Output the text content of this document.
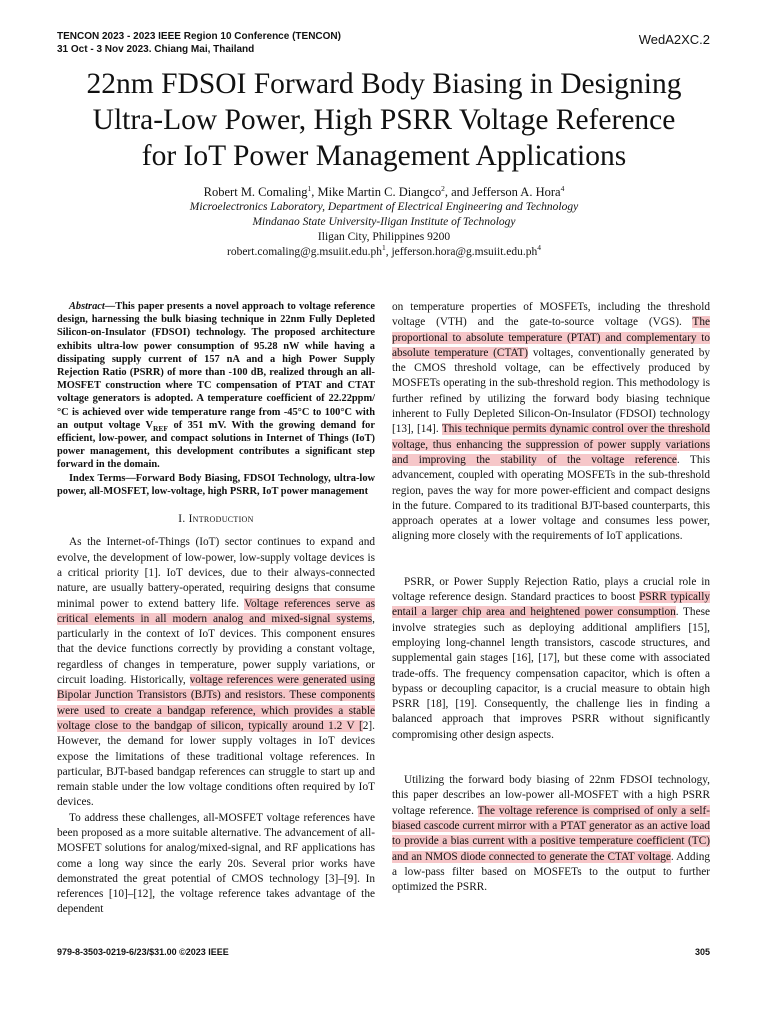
TENCON 2023 - 2023 IEEE Region 10 Conference (TENCON)
31 Oct - 3 Nov 2023. Chiang Mai, Thailand
WedA2XC.2
22nm FDSOI Forward Body Biasing in Designing
Ultra-Low Power, High PSRR Voltage Reference
for IoT Power Management Applications
Robert M. Comaling$^1$, Mike Martin C. Diangco$^2$, and Jefferson A. Hora$^4$
Microelectronics Laboratory, Department of Electrical Engineering and Technology
Mindanao State University-Iligan Institute of Technology
Iligan City, Philippines 9200
$robert.comaling@g.msuiit.edu.ph^1$, $jefferson.hora@g.msuiit.edu.ph^4$

Abstract—This paper presents a novel approach to voltage reference design, harnessing the bulk biasing technique in 22nm Fully Depleted Silicon-on-Insulator (FDSOI) technology. The proposed architecture exhibits ultra-low power consumption of 95.28 nW while having a dissipating supply current of 157 nA and a high Power Supply Rejection Ratio (PSRR) of more than -100 dB, realized through an all-MOSFET construction where TC compensation of PTAT and CTAT voltage generators is adopted. A temperature coefficient of 22.22ppm/°C is achieved over wide temperature range from -45°C to 100°C with an output voltage $V_{REF}$ of 351 mV. With the growing demand for efficient, low-power, and compact solutions in Internet of Things (IoT) power management, this development contributes a significant step forward in the domain.

Index Terms—Forward Body Biasing, FDSOI Technology, ultra-low power, all-MOSFET, low-voltage, high PSRR, IoT power management

I. Introduction

As the Internet-of-Things (IoT) sector continues to expand and evolve, the development of low-power, low-supply voltage devices is a critical priority [1]. IoT devices, due to their always-connected nature, are usually battery-operated, requiring designs that consume minimal power to extend battery life. Voltage references serve as critical elements in all modern analog and mixed-signal systems, particularly in the context of IoT devices. This component ensures that the device functions correctly by providing a constant voltage, regardless of changes in temperature, power supply variations, or circuit loading. Historically, voltage references were generated using Bipolar Junction Transistors (BJTs) and resistors. These components were used to create a bandgap reference, which provides a stable voltage close to the bandgap of silicon, typically around 1.2 V [2]. However, the demand for lower supply voltages in IoT devices expose the limitations of these traditional voltage references. In particular, BJT-based bandgap references can struggle to start up and remain stable under the low voltage conditions often required by IoT devices.

To address these challenges, all-MOSFET voltage references have been proposed as a more suitable alternative. The advancement of all-MOSFET solutions for analog/mixed-signal, and RF applications has come a long way since the early 20s. Several prior works have demonstrated the great potential of CMOS technology [3]–[9]. In references [10]–[12], the voltage reference takes advantage of the dependent

on temperature properties of MOSFETs, including the threshold voltage (VTH) and the gate-to-source voltage (VGS). The proportional to absolute temperature (PTAT) and complementary to absolute temperature (CTAT) voltages, conventionally generated by the CMOS threshold voltage, can be effectively produced by MOSFETs operating in the sub-threshold region. This methodology is further refined by utilizing the forward body biasing technique inherent to Fully Depleted Silicon-On-Insulator (FDSOI) technology [13], [14]. This technique permits dynamic control over the threshold voltage, thus enhancing the suppression of power supply variations and improving the stability of the voltage reference. This advancement, coupled with operating MOSFETs in the sub-threshold region, paves the way for more power-efficient and compact designs in the future. Compared to its traditional BJT-based counterparts, this approach operates at a lower voltage and consumes less power, aligning more closely with the requirements of IoT applications.

PSRR, or Power Supply Rejection Ratio, plays a crucial role in voltage reference design. Standard practices to boost PSRR typically entail a larger chip area and heightened power consumption. These involve strategies such as deploying additional amplifiers [15], employing long-channel length transistors, cascode structures, and supplemental gain stages [16], [17], but these come with associated trade-offs. The frequency compensation capacitor, which is often a bypass or decoupling capacitor, is a crucial measure to obtain high PSRR [18], [19]. Consequently, the challenge lies in finding a balanced approach that improves PSRR without significantly compromising other design aspects.

Utilizing the forward body biasing of 22nm FDSOI technology, this paper describes an low-power all-MOSFET with a high PSRR voltage reference. The voltage reference is comprised of only a self-biased cascode current mirror with a PTAT generator as an active load to provide a bias current with a positive temperature coefficient (TC) and an NMOS diode connected to generate the CTAT voltage. Adding a low-pass filter based on MOSFETs to the output to further optimized the PSRR.

979-8-3503-0219-6/23/$31.00 ©2023 IEEE	305
